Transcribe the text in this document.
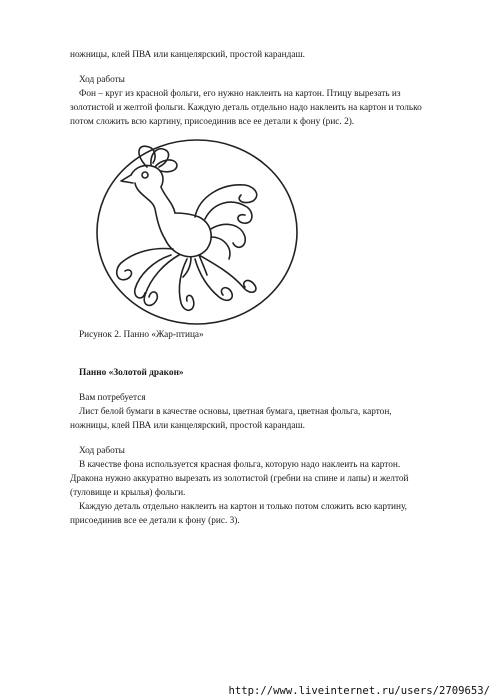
ножницы, клей ПВА или канцелярский, простой карандаш.

Ход работы

Фон – круг из красной фольги, его нужно наклеить на картон. Птицу вырезать из

золотистой и желтой фольги. Каждую деталь отдельно надо наклеить на картон и только

потом сложить всю картину, присоединив все ее детали к фону (рис. 2).

Рисунок 2. Панно «Жар-птица»

Панно «Золотой дракон»

Вам потребуется

Лист белой бумаги в качестве основы, цветная бумага, цветная фольга, картон,

ножницы, клей ПВА или канцелярский, простой карандаш.

Ход работы

В качестве фона используется красная фольга, которую надо наклеить на картон.

Дракона нужно аккуратно вырезать из золотистой (гребни на спине и лапы) и желтой

(туловище и крылья) фольги.

Каждую деталь отдельно наклеить на картон и только потом сложить всю картину,

присоединив все ее детали к фону (рис. 3).

http://www.liveinternet.ru/users/2709653/
